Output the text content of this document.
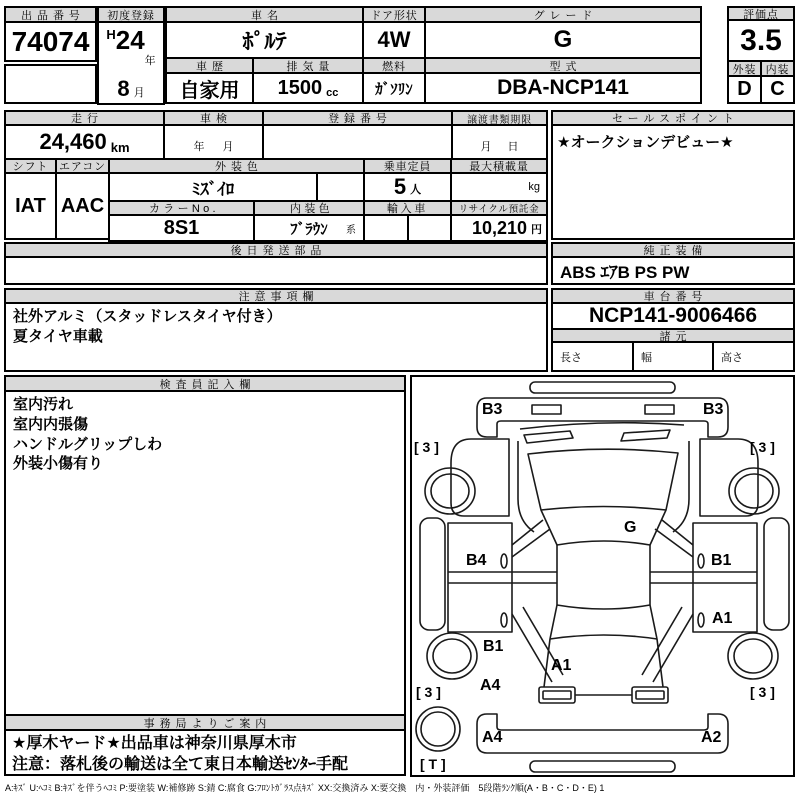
出品番号
74074
初度登録
H 24
年
8 月
車名
ﾎﾟﾙﾃ
車歴
自家用
排気量
1500 cc
ドア形状
4W
燃料
ｶﾞｿﾘﾝ
グレード
G
型式
DBA-NCP141
評価点
3.5
外装 内装
D C
走行
24,460 km
車検
年 月
登録番号	譲渡書類期限
月 日
セールスポイント
★オークションデビュー★
シフト エアコン
IAT AAC
外装色
ﾐｽﾞｲﾛ
乗車定員
5 人
最大積載量
kg
カラーNo.
8S1
内装色
ﾌﾞﾗｳﾝ 系
輸入車	リサイクル預託金
10,210 円
後日発送部品	純正装備
ABS ｴｱB PS PW
注意事項欄
社外アルミ（スタッドレスタイヤ付き）
夏タイヤ車載
車台番号
NCP141-9006466
諸元
長さ	幅	高さ
検査員記入欄
室内汚れ
室内内張傷
ハンドルグリップしわ
外装小傷有り
事務局よりご案内
★厚木ヤード★出品車は神奈川県厚木市
注意：落札後の輸送は全て東日本輸送ｾﾝﾀｰ手配
B3	B3
[ 3 ]	[ 3 ]
G
B4	B1
A1
B1
A4
A1
[ 3 ]	[ 3 ]
A4	A2
[ T ]
A:ｷｽﾞ U:ﾍｺﾐ B:ｷｽﾞを伴うﾍｺﾐ P:要塗装 W:補修跡 S:錆 C:腐食 G:ﾌﾛﾝﾄｶﾞﾗｽ点ｷｽﾞ XX:交換済み X:要交換　内・外装評価　5段階ﾗﾝｸ順(A・B・C・D・E) 1
